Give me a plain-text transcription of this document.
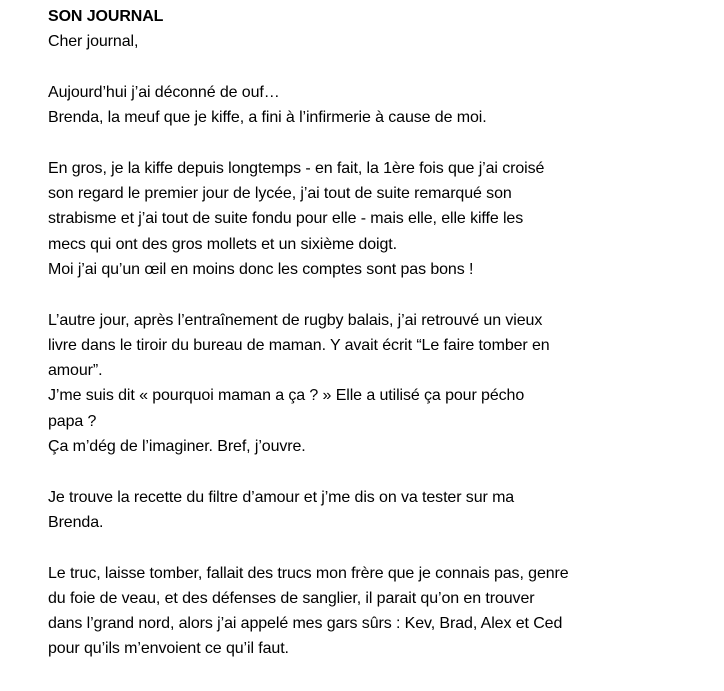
SON JOURNAL
Cher journal,
Aujourd’hui j’ai déconné de ouf…
Brenda, la meuf que je kiffe, a fini à l’infirmerie à cause de moi.
En gros, je la kiffe depuis longtemps - en fait, la 1ère fois que j’ai croisé
son regard le premier jour de lycée, j’ai tout de suite remarqué son
strabisme et j’ai tout de suite fondu pour elle - mais elle, elle kiffe les
mecs qui ont des gros mollets et un sixième doigt.
Moi j’ai qu’un œil en moins donc les comptes sont pas bons !
L’autre jour, après l’entraînement de rugby balais, j’ai retrouvé un vieux
livre dans le tiroir du bureau de maman. Y avait écrit “Le faire tomber en
amour”.
J’me suis dit « pourquoi maman a ça ? » Elle a utilisé ça pour pécho
papa ?
Ça m’dég de l’imaginer. Bref, j’ouvre.
Je trouve la recette du filtre d’amour et j’me dis on va tester sur ma
Brenda.
Le truc, laisse tomber, fallait des trucs mon frère que je connais pas, genre
du foie de veau, et des défenses de sanglier, il parait qu’on en trouver
dans l’grand nord, alors j’ai appelé mes gars sûrs : Kev, Brad, Alex et Ced
pour qu’ils m’envoient ce qu’il faut.
